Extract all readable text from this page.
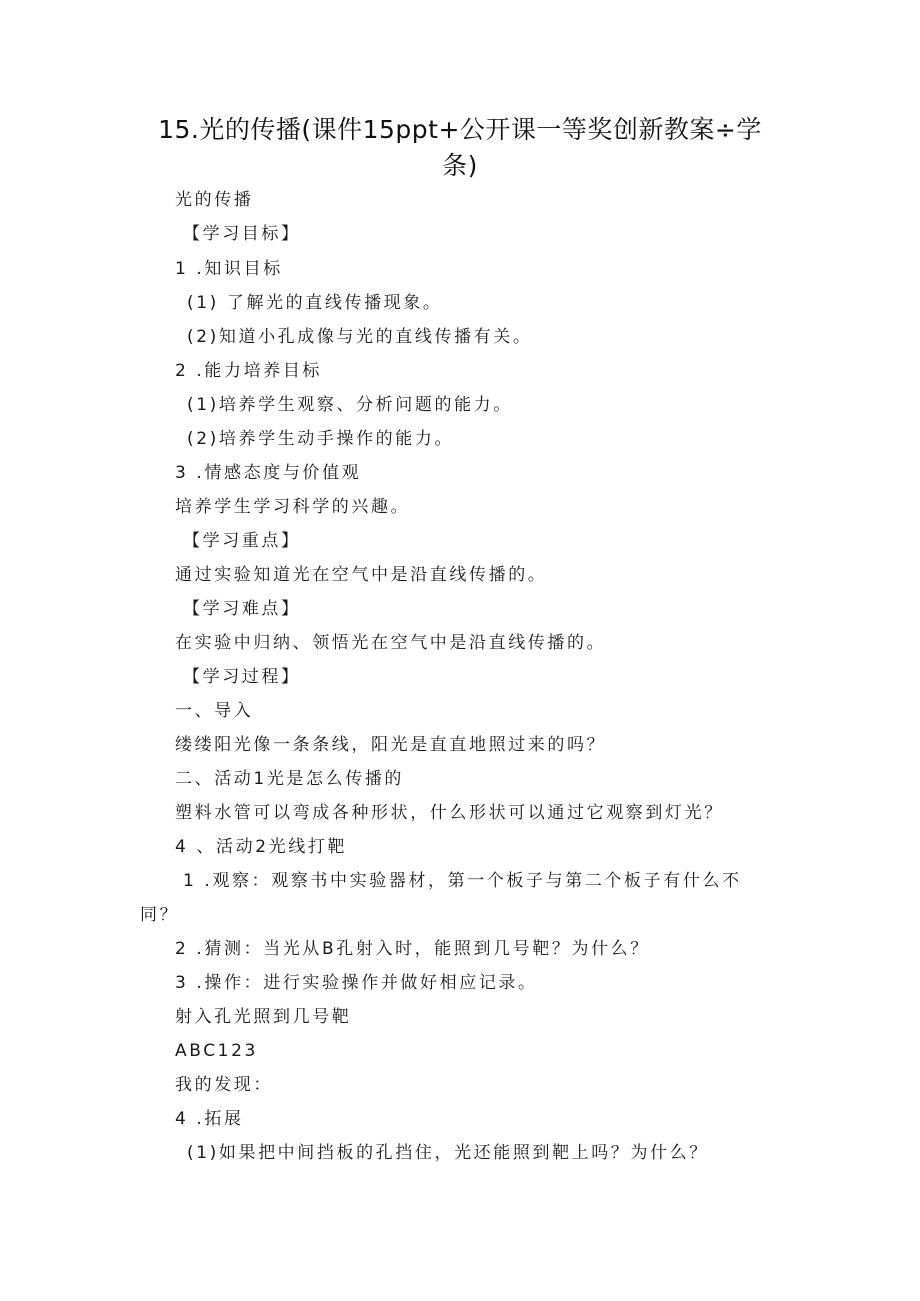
15.光的传播(课件15ppt+公开课一等奖创新教案÷学
条)
光的传播
【学习目标】
1 .知识目标
(1) 了解光的直线传播现象。
(2)知道小孔成像与光的直线传播有关。
2 .能力培养目标
(1)培养学生观察、分析问题的能力。
(2)培养学生动手操作的能力。
3 .情感态度与价值观
培养学生学习科学的兴趣。
【学习重点】
通过实验知道光在空气中是沿直线传播的。
【学习难点】
在实验中归纳、领悟光在空气中是沿直线传播的。
【学习过程】
一、导入
缕缕阳光像一条条线，阳光是直直地照过来的吗？
二、活动1光是怎么传播的
塑料水管可以弯成各种形状，什么形状可以通过它观察到灯光？
4 、活动2光线打靶
1 .观察：观察书中实验器材，第一个板子与第二个板子有什么不
同？
2 .猜测：当光从B孔射入时，能照到几号靶？为什么？
3 .操作：进行实验操作并做好相应记录。
射入孔光照到几号靶
ABC123
我的发现：
4 .拓展
(1)如果把中间挡板的孔挡住，光还能照到靶上吗？为什么？
